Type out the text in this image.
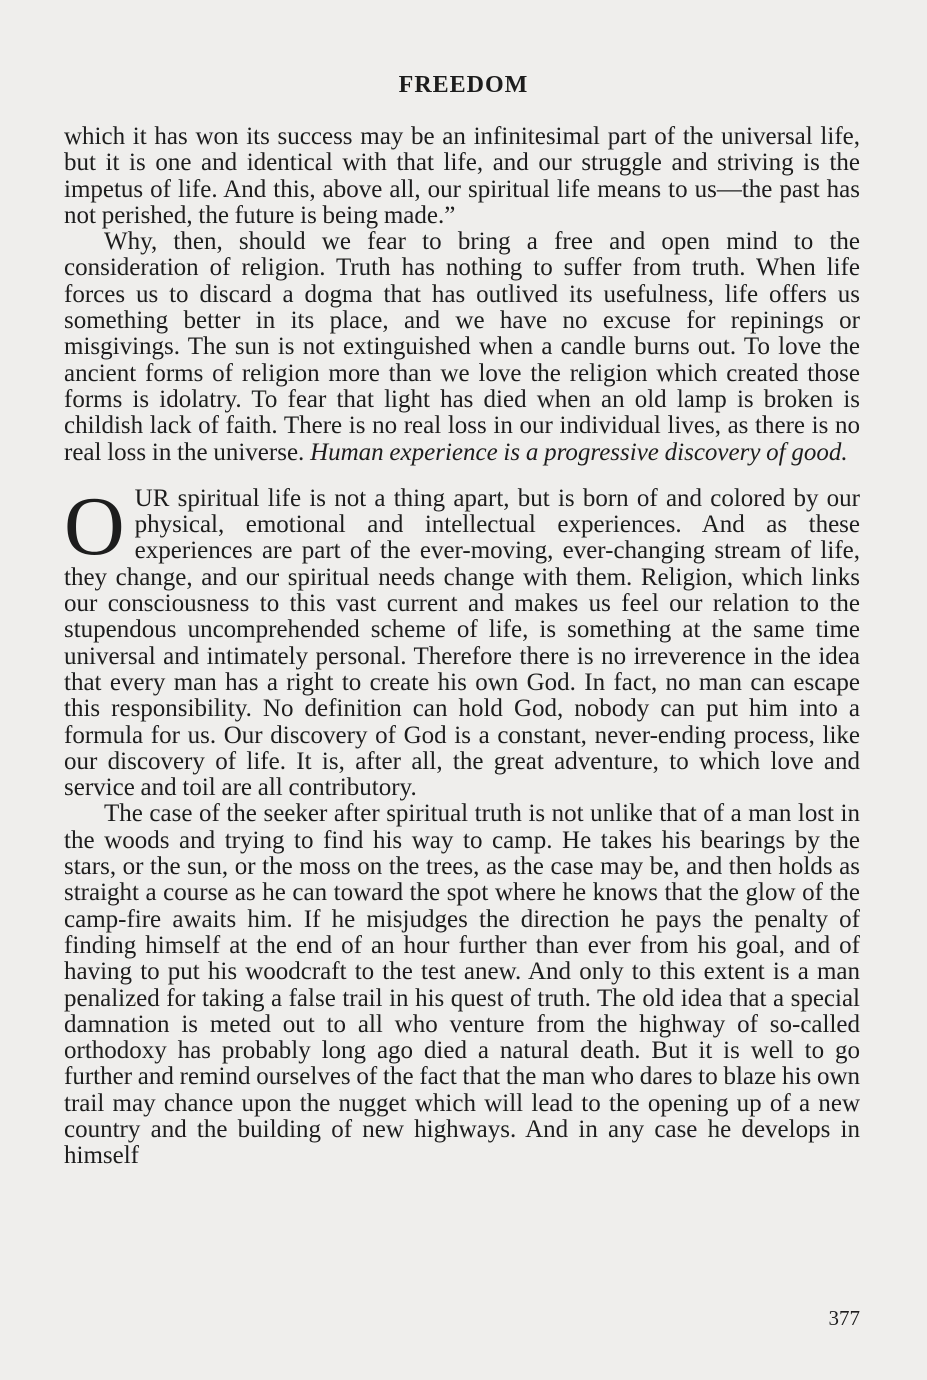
FREEDOM

which it has won its success may be an infinitesimal part of the universal life, but it is one and identical with that life, and our struggle and striving is the impetus of life. And this, above all, our spiritual life means to us—the past has not perished, the future is being made.”

Why, then, should we fear to bring a free and open mind to the consideration of religion. Truth has nothing to suffer from truth. When life forces us to discard a dogma that has outlived its usefulness, life offers us something better in its place, and we have no excuse for repinings or misgivings. The sun is not extinguished when a candle burns out. To love the ancient forms of religion more than we love the religion which created those forms is idolatry. To fear that light has died when an old lamp is broken is childish lack of faith. There is no real loss in our individual lives, as there is no real loss in the universe. Human experience is a progressive discovery of good.

OUR spiritual life is not a thing apart, but is born of and colored by our physical, emotional and intellectual experiences. And as these experiences are part of the ever-moving, ever-changing stream of life, they change, and our spiritual needs change with them. Religion, which links our consciousness to this vast current and makes us feel our relation to the stupendous uncomprehended scheme of life, is something at the same time universal and intimately personal. Therefore there is no irreverence in the idea that every man has a right to create his own God. In fact, no man can escape this responsibility. No definition can hold God, nobody can put him into a formula for us. Our discovery of God is a constant, never-ending process, like our discovery of life. It is, after all, the great adventure, to which love and service and toil are all contributory.

The case of the seeker after spiritual truth is not unlike that of a man lost in the woods and trying to find his way to camp. He takes his bearings by the stars, or the sun, or the moss on the trees, as the case may be, and then holds as straight a course as he can toward the spot where he knows that the glow of the camp-fire awaits him. If he misjudges the direction he pays the penalty of finding himself at the end of an hour further than ever from his goal, and of having to put his woodcraft to the test anew. And only to this extent is a man penalized for taking a false trail in his quest of truth. The old idea that a special damnation is meted out to all who venture from the highway of so-called orthodoxy has probably long ago died a natural death. But it is well to go further and remind ourselves of the fact that the man who dares to blaze his own trail may chance upon the nugget which will lead to the opening up of a new country and the building of new highways. And in any case he develops in himself

377
